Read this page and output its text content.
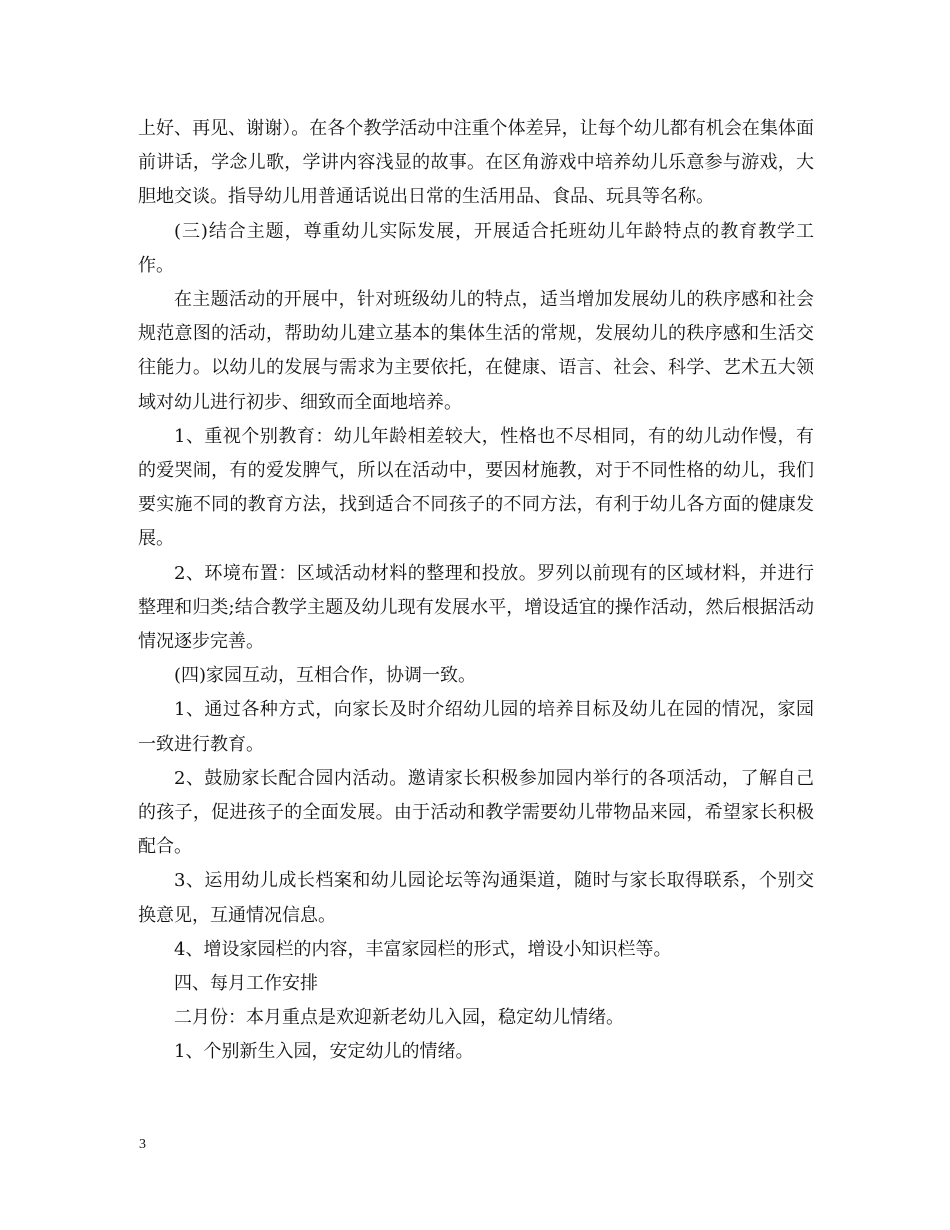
上好、再见、谢谢）。在各个教学活动中注重个体差异，让每个幼儿都有机会在集体面前讲话，学念儿歌，学讲内容浅显的故事。在区角游戏中培养幼儿乐意参与游戏，大胆地交谈。指导幼儿用普通话说出日常的生活用品、食品、玩具等名称。

(三)结合主题，尊重幼儿实际发展，开展适合托班幼儿年龄特点的教育教学工作。

在主题活动的开展中，针对班级幼儿的特点，适当增加发展幼儿的秩序感和社会规范意图的活动，帮助幼儿建立基本的集体生活的常规，发展幼儿的秩序感和生活交往能力。以幼儿的发展与需求为主要依托，在健康、语言、社会、科学、艺术五大领域对幼儿进行初步、细致而全面地培养。

1、重视个别教育：幼儿年龄相差较大，性格也不尽相同，有的幼儿动作慢，有的爱哭闹，有的爱发脾气，所以在活动中，要因材施教，对于不同性格的幼儿，我们要实施不同的教育方法，找到适合不同孩子的不同方法，有利于幼儿各方面的健康发展。

2、环境布置：区域活动材料的整理和投放。罗列以前现有的区域材料，并进行整理和归类;结合教学主题及幼儿现有发展水平，增设适宜的操作活动，然后根据活动情况逐步完善。

(四)家园互动，互相合作，协调一致。

1、通过各种方式，向家长及时介绍幼儿园的培养目标及幼儿在园的情况，家园一致进行教育。

2、鼓励家长配合园内活动。邀请家长积极参加园内举行的各项活动，了解自己的孩子，促进孩子的全面发展。由于活动和教学需要幼儿带物品来园，希望家长积极配合。

3、运用幼儿成长档案和幼儿园论坛等沟通渠道，随时与家长取得联系，个别交换意见，互通情况信息。

4、增设家园栏的内容，丰富家园栏的形式，增设小知识栏等。

四、每月工作安排

二月份：本月重点是欢迎新老幼儿入园，稳定幼儿情绪。

1、个别新生入园，安定幼儿的情绪。

3
